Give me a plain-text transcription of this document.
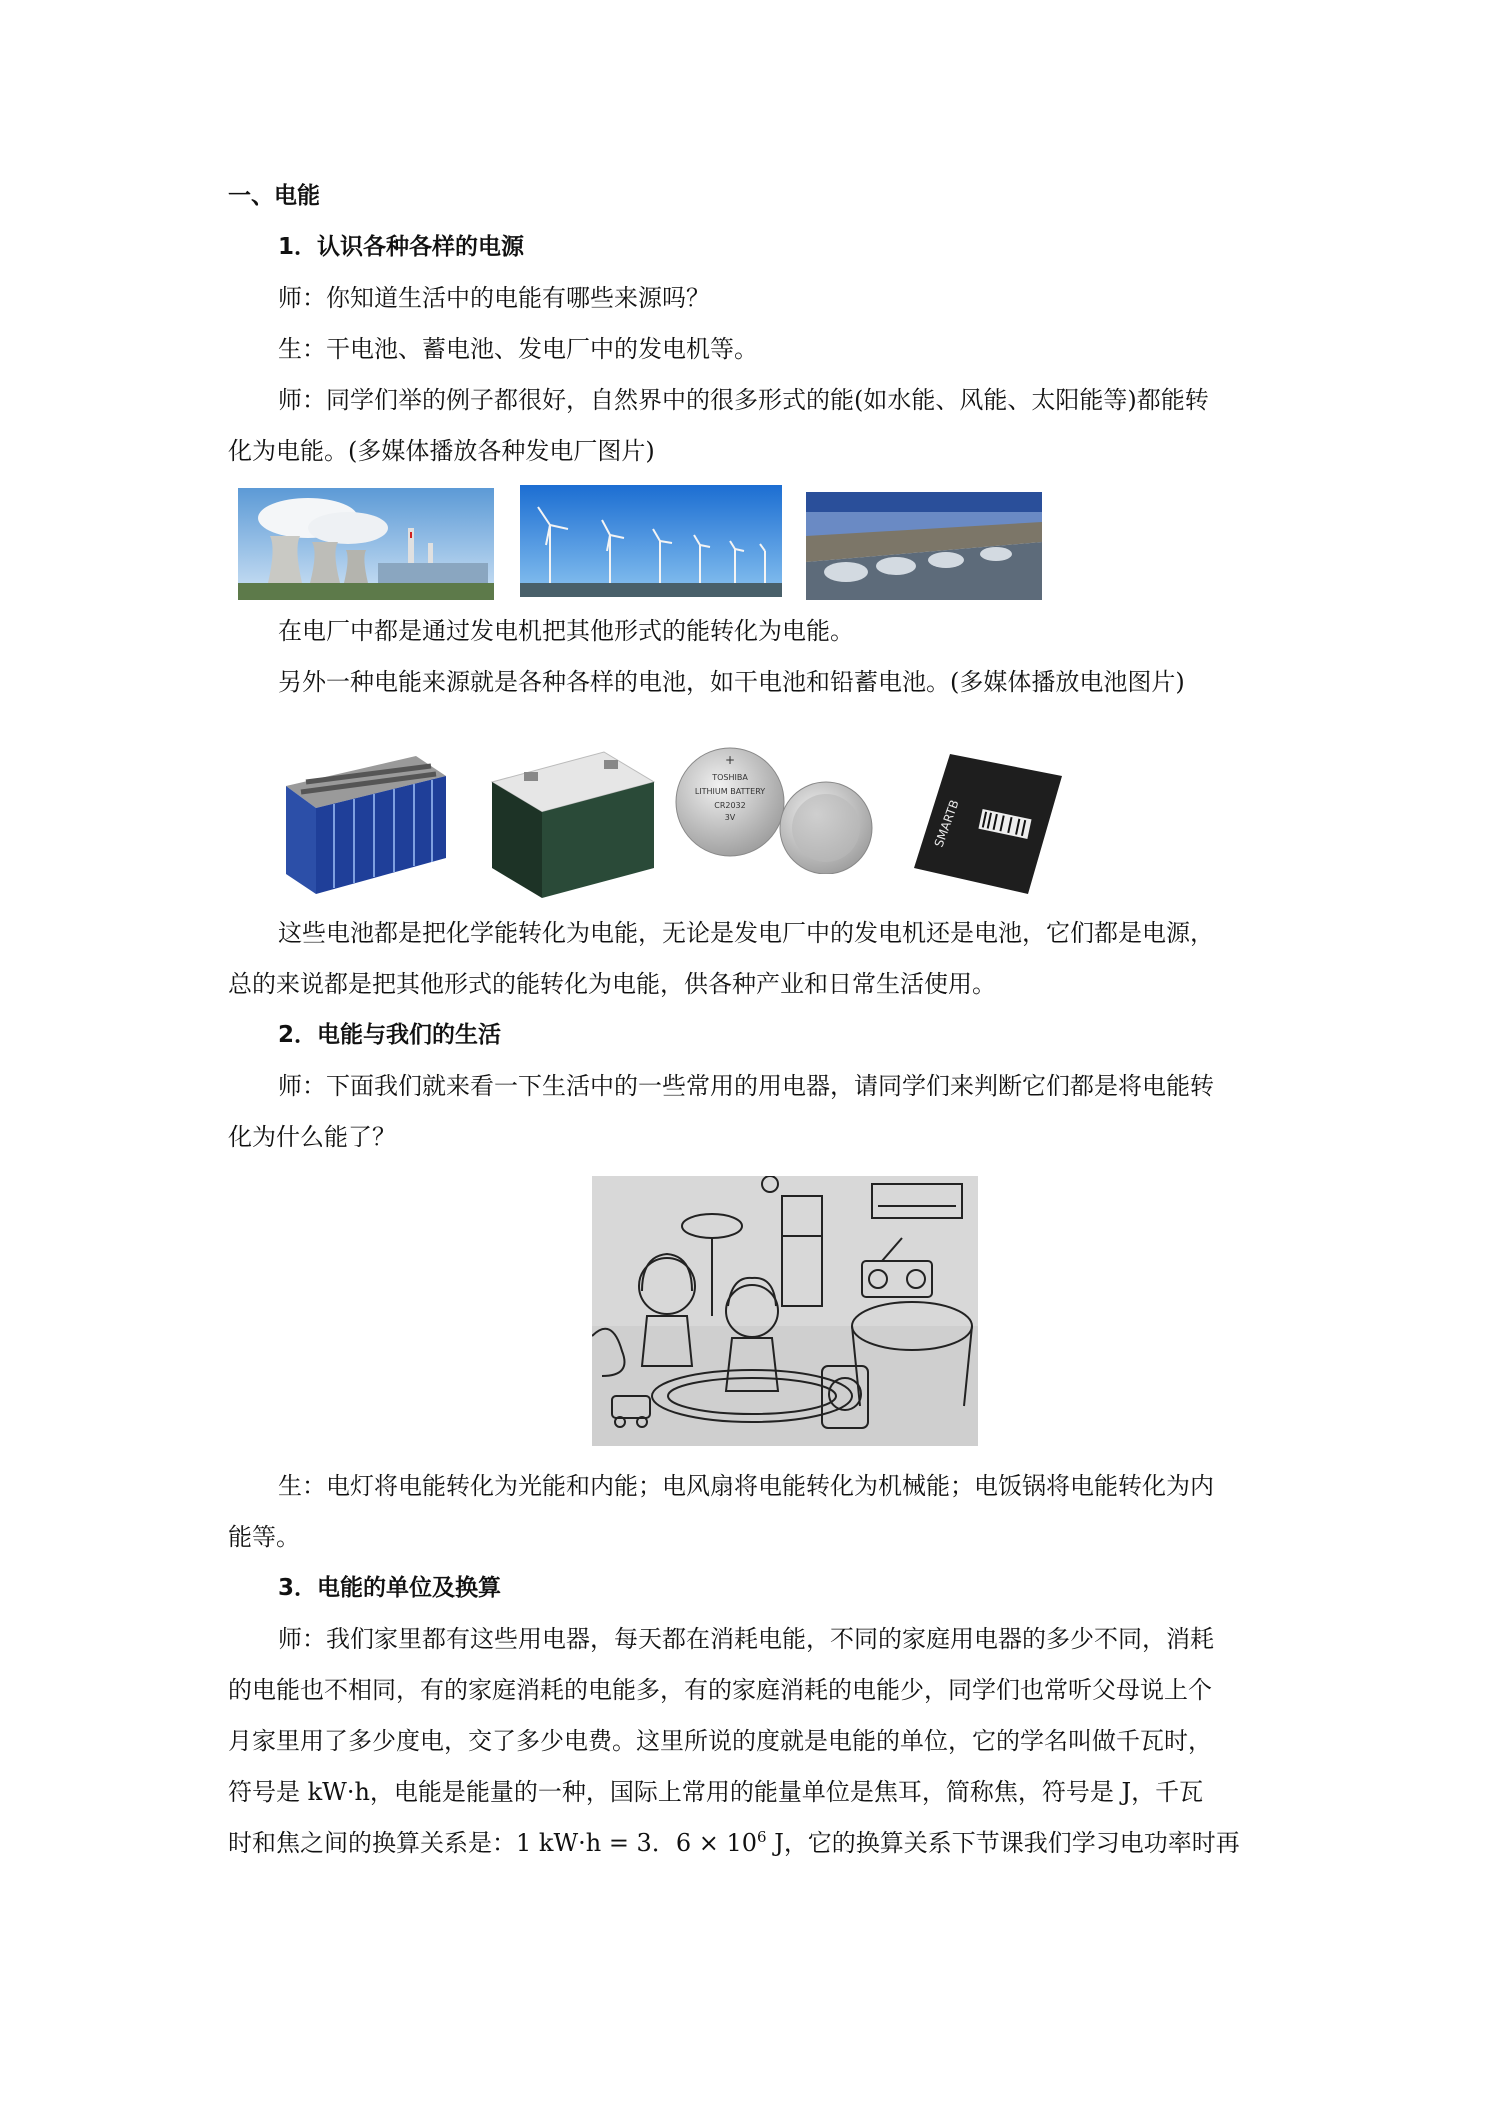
一、电能
1．认识各种各样的电源
师：你知道生活中的电能有哪些来源吗？
生：干电池、蓄电池、发电厂中的发电机等。
师：同学们举的例子都很好，自然界中的很多形式的能(如水能、风能、太阳能等)都能转
化为电能。(多媒体播放各种发电厂图片)
在电厂中都是通过发电机把其他形式的能转化为电能。
另外一种电能来源就是各种各样的电池，如干电池和铅蓄电池。(多媒体播放电池图片)
+
TOSHIBA
LITHIUM BATTERY
CR2032
3V	SMARTB
这些电池都是把化学能转化为电能，无论是发电厂中的发电机还是电池，它们都是电源，
总的来说都是把其他形式的能转化为电能，供各种产业和日常生活使用。
2．电能与我们的生活
师：下面我们就来看一下生活中的一些常用的用电器，请同学们来判断它们都是将电能转
化为什么能了？
生：电灯将电能转化为光能和内能；电风扇将电能转化为机械能；电饭锅将电能转化为内
能等。
3．电能的单位及换算
师：我们家里都有这些用电器，每天都在消耗电能，不同的家庭用电器的多少不同，消耗
的电能也不相同，有的家庭消耗的电能多，有的家庭消耗的电能少，同学们也常听父母说上个
月家里用了多少度电，交了多少电费。这里所说的度就是电能的单位，它的学名叫做千瓦时，
符号是 kW·h，电能是能量的一种，国际上常用的能量单位是焦耳，简称焦，符号是 J，千瓦
时和焦之间的换算关系是：1 kW·h = 3．$6 \times 10^6$ J，它的换算关系下节课我们学习电功率时再
